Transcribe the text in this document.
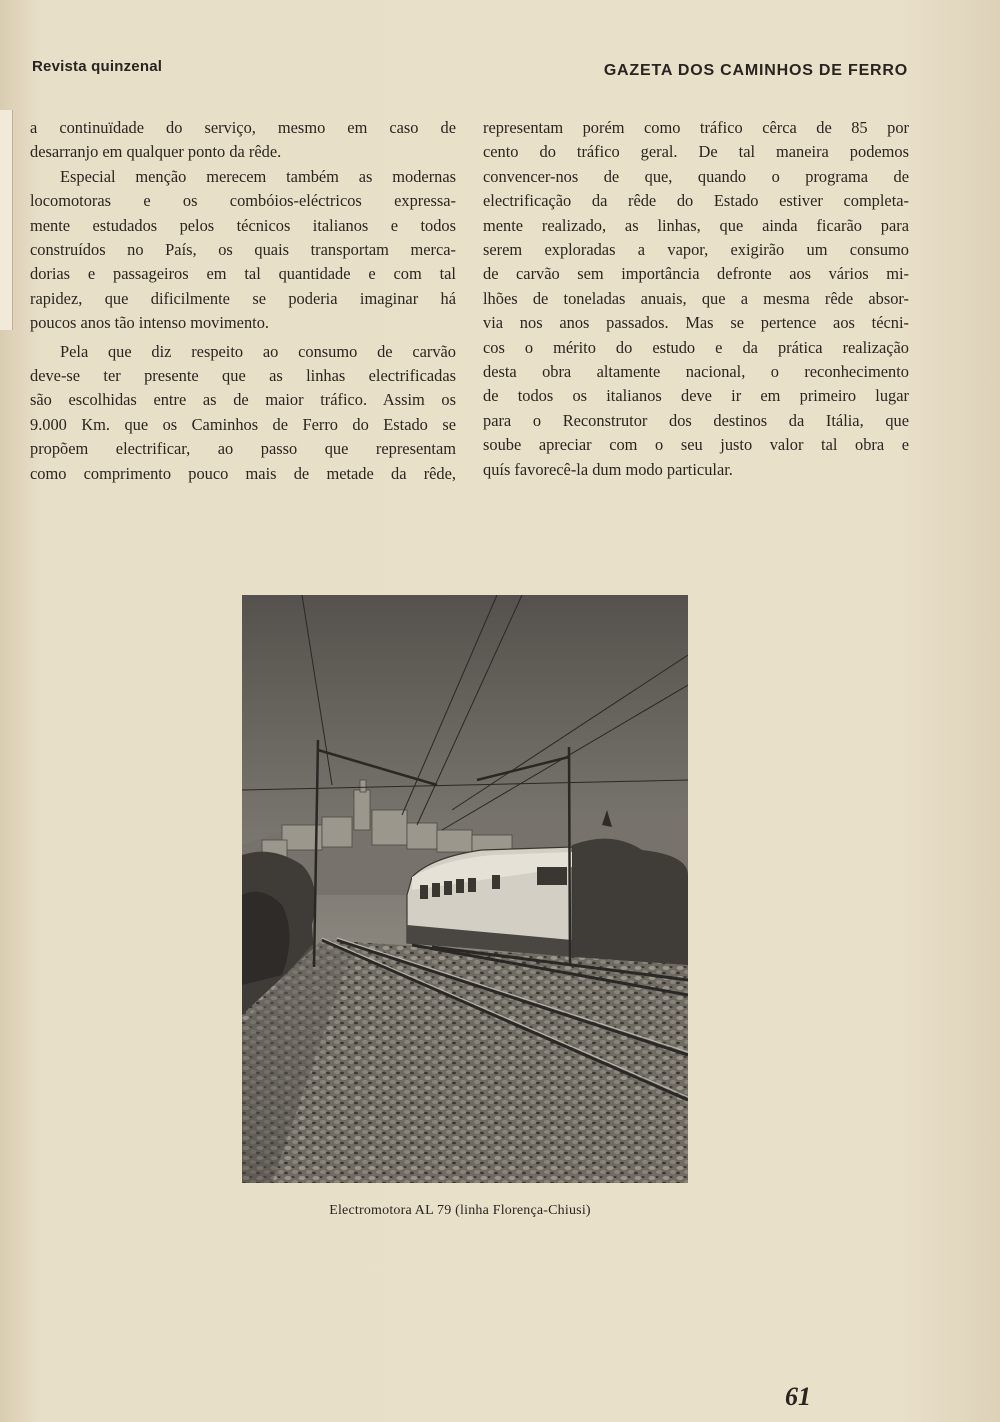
Revista quinzenal	GAZETA DOS CAMINHOS DE FERRO

a continuïdade do serviço, mesmo em caso de
desarranjo em qualquer ponto da rêde.

Especial menção merecem também as modernas
locomotoras e os combóios-eléctricos expressa-
mente estudados pelos técnicos italianos e todos
construídos no País, os quais transportam merca-
dorias e passageiros em tal quantidade e com tal
rapidez, que dificilmente se poderia imaginar há
poucos anos tão intenso movimento.

Pela que diz respeito ao consumo de carvão
deve-se ter presente que as linhas electrificadas
são escolhidas entre as de maior tráfico. Assim os
9.000 Km. que os Caminhos de Ferro do Estado se
propõem electrificar, ao passo que representam
como comprimento pouco mais de metade da rêde,

representam porém como tráfico cêrca de 85 por
cento do tráfico geral. De tal maneira podemos
convencer-nos de que, quando o programa de
electrificação da rêde do Estado estiver completa-
mente realizado, as linhas, que ainda ficarão para
serem exploradas a vapor, exigirão um consumo
de carvão sem importância defronte aos vários mi-
lhões de toneladas anuais, que a mesma rêde absor-
via nos anos passados. Mas se pertence aos técni-
cos o mérito do estudo e da prática realização
desta obra altamente nacional, o reconhecimento
de todos os italianos deve ir em primeiro lugar
para o Reconstrutor dos destinos da Itália, que
soube apreciar com o seu justo valor tal obra e
quís favorecê-la dum modo particular.

Electromotora AL 79 (linha Florença-Chiusi)
61
